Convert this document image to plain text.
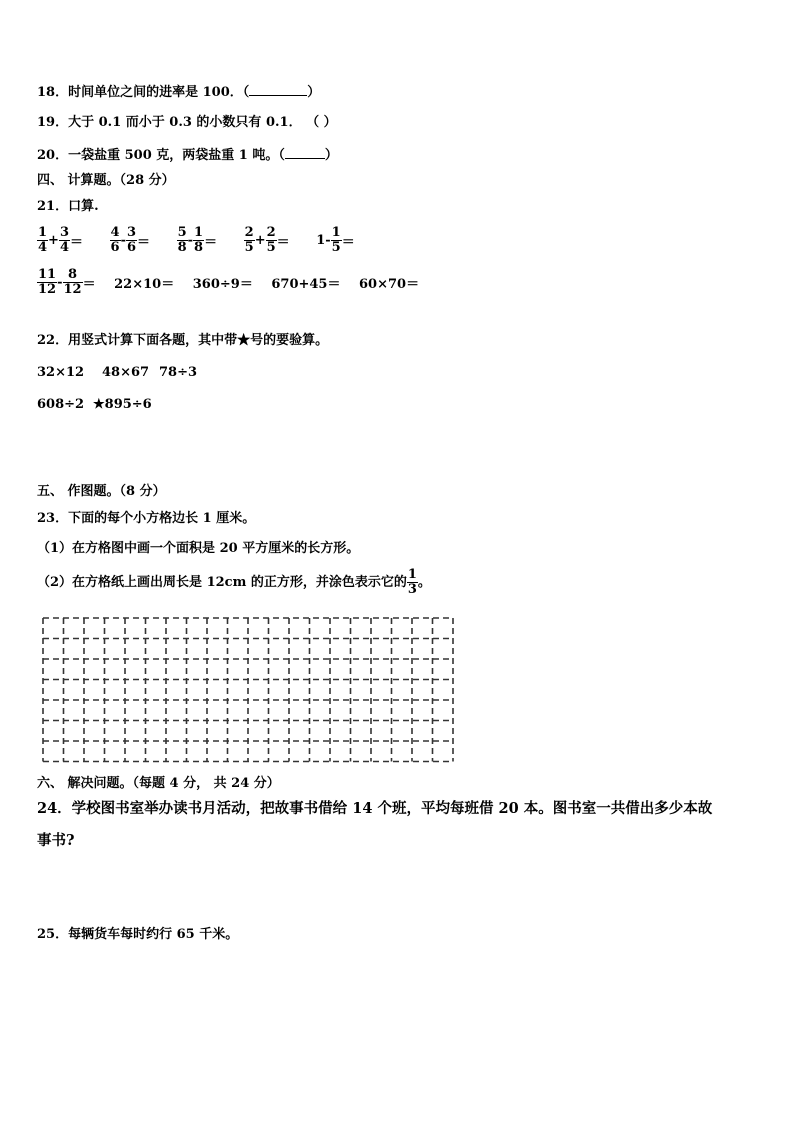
18．时间单位之间的进率是 100．（	）
19．大于 0.1 而小于 0.3 的小数只有 0.1． （ ）
20．一袋盐重 500 克，两袋盐重 1 吨。（	）
四、 计算题。（28 分）
21．口算.
$\frac{1}{4} + \frac{3}{4} = \frac{4}{6} - \frac{3}{6} = \frac{5}{8} - \frac{1}{8} = \frac{2}{5} + \frac{2}{5} = 1- \frac{1}{5}$ ＝
$\frac{11}{12} - \frac{8}{12} = 22\times 10= 360\div 9= 670+45= 60\times 70=$
22．用竖式计算下面各题，其中带★号的要验算。
32×12 48×67 78÷3
608÷2 ★895÷6
五、 作图题。（8 分）
23．下面的每个小方格边长 1 厘米。
（1）在方格图中画一个面积是 20 平方厘米的长方形。
（2）在方格纸上画出周长是 12cm 的正方形，并涂色表示它的 $\frac{1}{3}$ 。
六、 解决问题。（每题 4 分， 共 24 分）
24．学校图书室举办读书月活动，把故事书借给 14 个班，平均每班借 20 本。图书室一共借出多少本故
事书?
25．每辆货车每时约行 65 千米。
